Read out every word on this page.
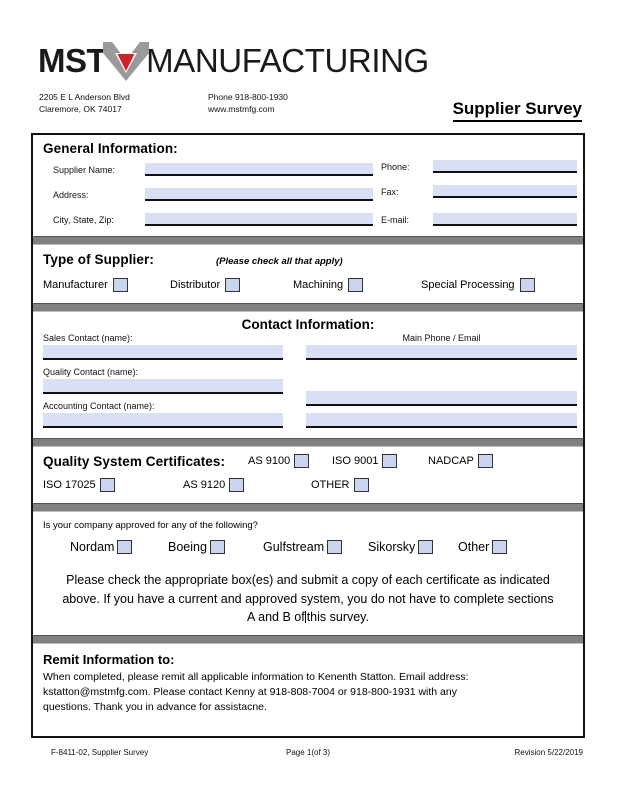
MST MANUFACTURING
2205 E L Anderson Blvd
Claremore, OK 74017
Phone 918-800-1930
www.mstmfg.com	Supplier Survey
General Information:
Supplier Name:
Address:
City, State, Zip:
Phone:
Fax:
E-mail:
Type of Supplier:	(Please check all that apply)
Manufacturer	Distributor	Machining	Special Processing
Contact Information:
Sales Contact (name):	Main Phone / Email
Quality Contact (name):

Accounting Contact (name):

Quality System Certificates: AS 9100	ISO 9001	NADCAP
ISO 17025	AS 9120	OTHER
Is your company approved for any of the following?
Nordam	Boeing	Gulfstream	Sikorsky	Other
Please check the appropriate box(es) and submit a copy of each certificate as indicated above. If you have a current and approved system, you do not have to complete sections A and B of this survey.
Remit Information to:
When completed, please remit all applicable information to Kenenth Statton. Email address:
kstatton@mstmfg.com. Please contact Kenny at 918-808-7004 or 918-800-1931 with any
questions. Thank you in advance for assistacne.
F-8411-02, Supplier Survey	Page 1(of 3)	Revision 5/22/2019
